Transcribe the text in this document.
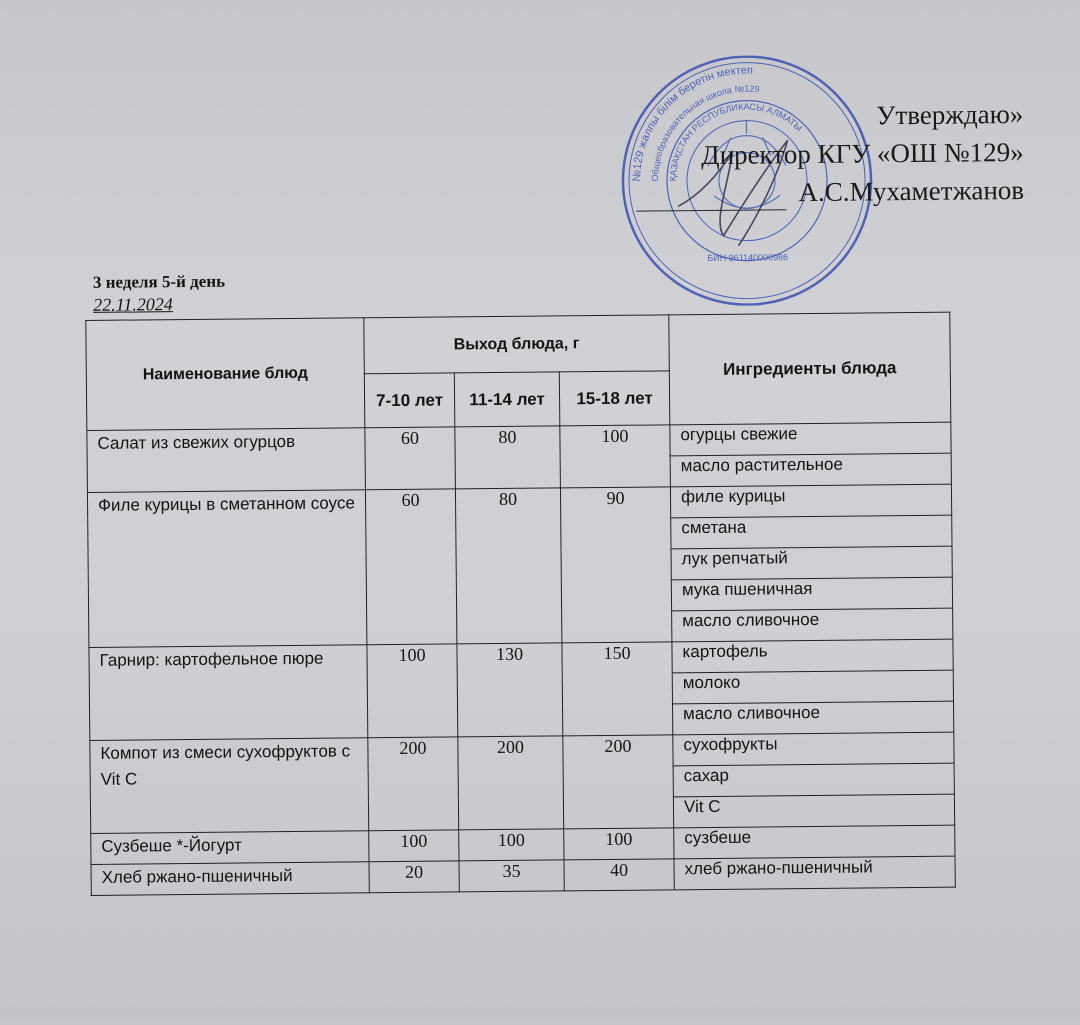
№129 жалпы білім беретін мектеп
Общеобразовательная школа №129
ҚАЗАҚСТАН РЕСПУБЛИКАСЫ АЛМАТЫ
БИН 961140000986
Утверждаю»
Директор КГУ «ОШ №129»
А.С.Мухаметжанов
3 неделя 5-й день
22.11.2024
Наименование блюд	Выход блюда, г			Ингредиенты блюда
	7-10 лет	11-14 лет	15-18 лет	
Салат из свежих огурцов	60	80	100	огурцы свежие
				масло растительное
Филе курицы в сметанном соусе	60	80	90	филе курицы
				сметана
				лук репчатый
				мука пшеничная
				масло сливочное
Гарнир: картофельное пюре	100	130	150	картофель
				молоко
				масло сливочное
Компот из смеси сухофруктов с Vit C	200	200	200	сухофрукты
				сахар
				Vit C
Сузбеше *-Йогурт	100	100	100	сузбеше
Хлеб ржано-пшеничный	20	35	40	хлеб ржано-пшеничный
